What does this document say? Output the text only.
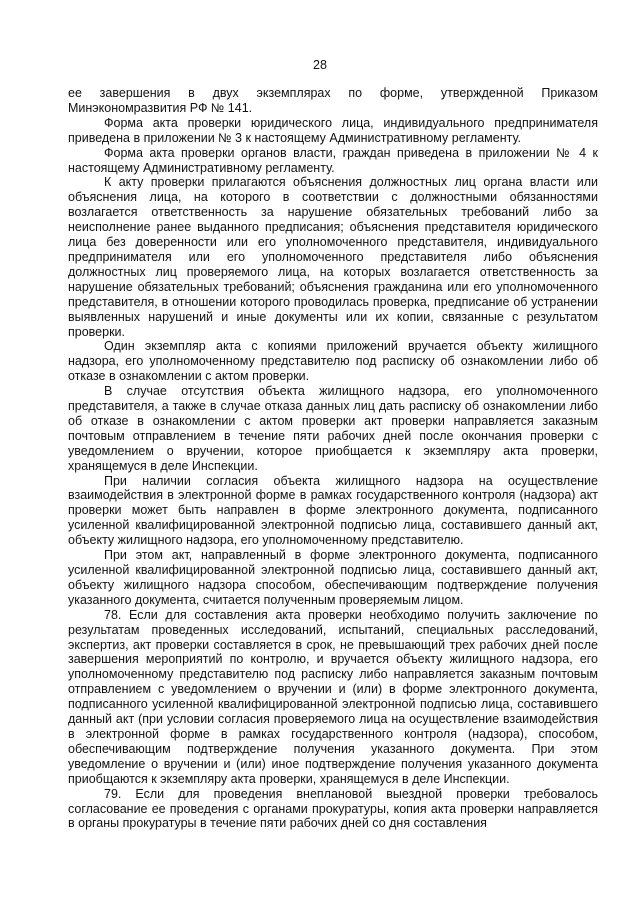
28

ее завершения в двух экземплярах по форме, утвержденной Приказом Минэкономразвития РФ № 141.

Форма акта проверки юридического лица, индивидуального предпринимателя приведена в приложении № 3 к настоящему Административному регламенту.

Форма акта проверки органов власти, граждан приведена в приложении № 4 к настоящему Административному регламенту.

К акту проверки прилагаются объяснения должностных лиц органа власти или объяснения лица, на которого в соответствии с должностными обязанностями возлагается ответственность за нарушение обязательных требований либо за неисполнение ранее выданного предписания; объяснения представителя юридического лица без доверенности или его уполномоченного представителя, индивидуального предпринимателя или его уполномоченного представителя либо объяснения должностных лиц проверяемого лица, на которых возлагается ответственность за нарушение обязательных требований; объяснения гражданина или его уполномоченного представителя, в отношении которого проводилась проверка, предписание об устранении выявленных нарушений и иные документы или их копии, связанные с результатом проверки.

Один экземпляр акта с копиями приложений вручается объекту жилищного надзора, его уполномоченному представителю под расписку об ознакомлении либо об отказе в ознакомлении с актом проверки.

В случае отсутствия объекта жилищного надзора, его уполномоченного представителя, а также в случае отказа данных лиц дать расписку об ознакомлении либо об отказе в ознакомлении с актом проверки акт проверки направляется заказным почтовым отправлением в течение пяти рабочих дней после окончания проверки с уведомлением о вручении, которое приобщается к экземпляру акта проверки, хранящемуся в деле Инспекции.

При наличии согласия объекта жилищного надзора на осуществление взаимодействия в электронной форме в рамках государственного контроля (надзора) акт проверки может быть направлен в форме электронного документа, подписанного усиленной квалифицированной электронной подписью лица, составившего данный акт, объекту жилищного надзора, его уполномоченному представителю.

При этом акт, направленный в форме электронного документа, подписанного усиленной квалифицированной электронной подписью лица, составившего данный акт, объекту жилищного надзора способом, обеспечивающим подтверждение получения указанного документа, считается полученным проверяемым лицом.

78. Если для составления акта проверки необходимо получить заключение по результатам проведенных исследований, испытаний, специальных расследований, экспертиз, акт проверки составляется в срок, не превышающий трех рабочих дней после завершения мероприятий по контролю, и вручается объекту жилищного надзора, его уполномоченному представителю под расписку либо направляется заказным почтовым отправлением с уведомлением о вручении и (или) в форме электронного документа, подписанного усиленной квалифицированной электронной подписью лица, составившего данный акт (при условии согласия проверяемого лица на осуществление взаимодействия в электронной форме в рамках государственного контроля (надзора), способом, обеспечивающим подтверждение получения указанного документа. При этом уведомление о вручении и (или) иное подтверждение получения указанного документа приобщаются к экземпляру акта проверки, хранящемуся в деле Инспекции.

79. Если для проведения внеплановой выездной проверки требовалось согласование ее проведения с органами прокуратуры, копия акта проверки направляется в органы прокуратуры в течение пяти рабочих дней со дня составления
